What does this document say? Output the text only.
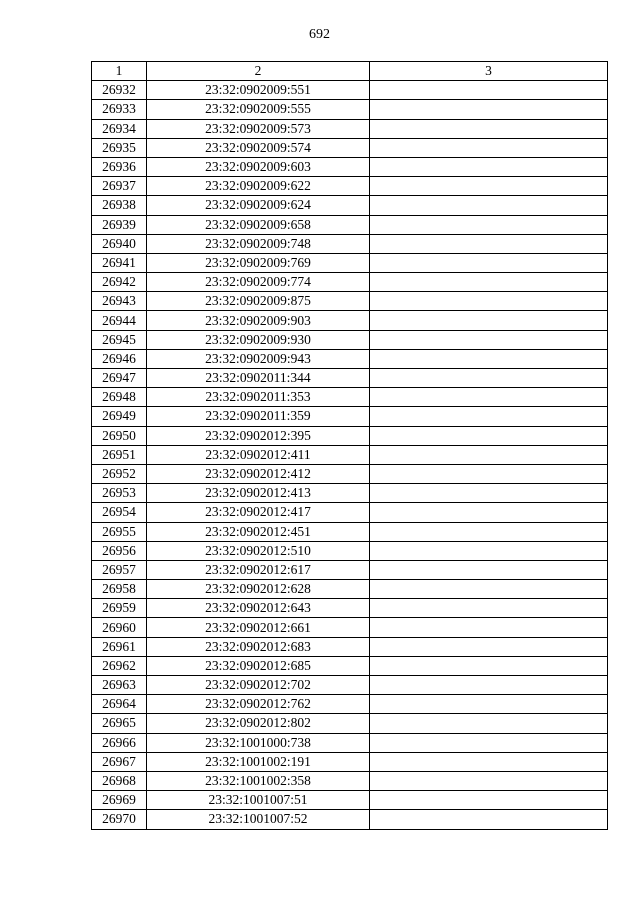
692
1	2	3
26932	23:32:0902009:551	
26933	23:32:0902009:555	
26934	23:32:0902009:573	
26935	23:32:0902009:574	
26936	23:32:0902009:603	
26937	23:32:0902009:622	
26938	23:32:0902009:624	
26939	23:32:0902009:658	
26940	23:32:0902009:748	
26941	23:32:0902009:769	
26942	23:32:0902009:774	
26943	23:32:0902009:875	
26944	23:32:0902009:903	
26945	23:32:0902009:930	
26946	23:32:0902009:943	
26947	23:32:0902011:344	
26948	23:32:0902011:353	
26949	23:32:0902011:359	
26950	23:32:0902012:395	
26951	23:32:0902012:411	
26952	23:32:0902012:412	
26953	23:32:0902012:413	
26954	23:32:0902012:417	
26955	23:32:0902012:451	
26956	23:32:0902012:510	
26957	23:32:0902012:617	
26958	23:32:0902012:628	
26959	23:32:0902012:643	
26960	23:32:0902012:661	
26961	23:32:0902012:683	
26962	23:32:0902012:685	
26963	23:32:0902012:702	
26964	23:32:0902012:762	
26965	23:32:0902012:802	
26966	23:32:1001000:738	
26967	23:32:1001002:191	
26968	23:32:1001002:358	
26969	23:32:1001007:51	
26970	23:32:1001007:52	
